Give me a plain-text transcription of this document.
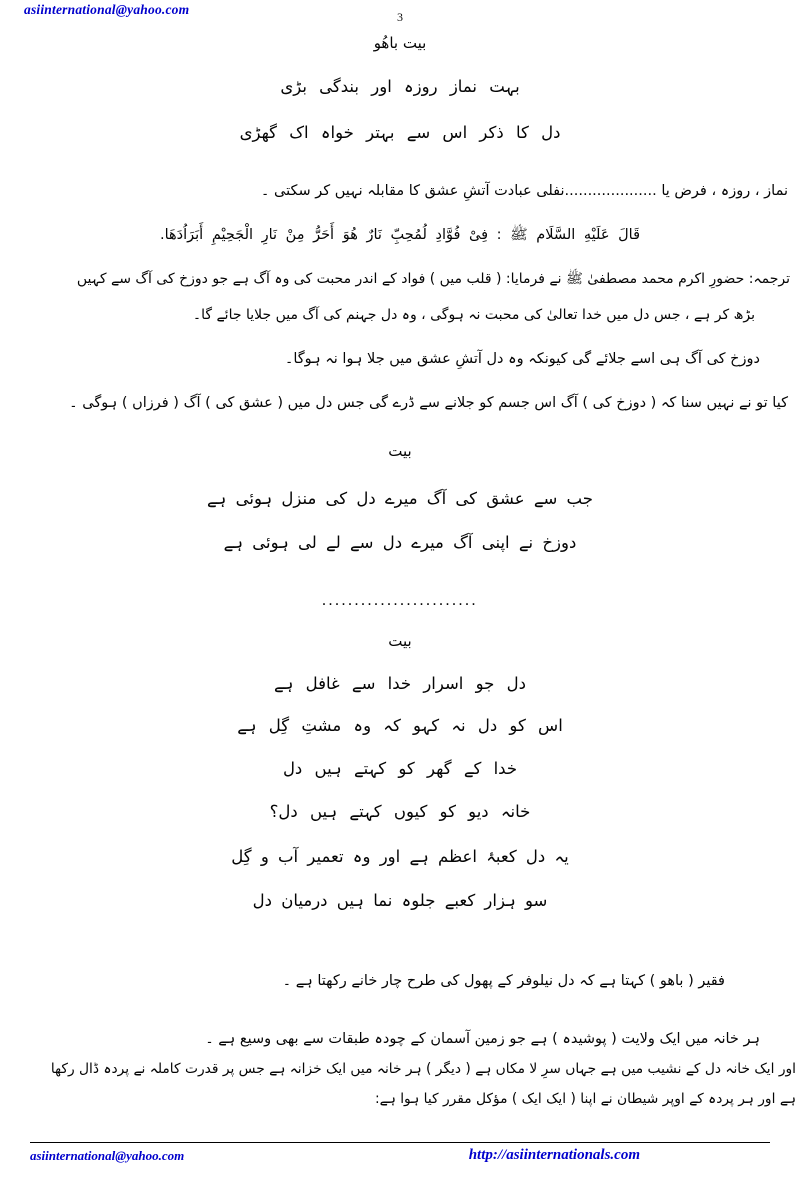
asiinternational@yahoo.com	3
بیت باھُو
بہت نماز روزہ اور بندگی بڑی
دل کا ذکر اس سے بہتر خواہ اک گھڑی
نماز ، روزہ ، فرض یا ....................نفلی عبادت آتشِ عشق کا مقابلہ نہیں کر سکتی ۔
قَالَ عَلَيْهِ السَّلَام ﷺ : فِیْ فُوَّادِ لُمُحِبِّ نَارٌ هُوَ أَحَرُّ مِنْ نَارِ الْجَحِيْمِ أَبَرَاُدَهَا.
ترجمہ: حضورِ اکرم محمد مصطفیٰ ﷺ نے فرمایا: ( قلب میں ) فواد کے اندر محبت کی وہ آگ ہے جو دوزخ کی آگ سے کہیں
بڑھ کر ہے ، جس دل میں خدا تعالیٰ کی محبت نہ ہوگی ، وہ دل جہنم کی آگ میں جلایا جائے گا۔
دوزخ کی آگ ہی اسے جلائے گی کیونکہ وہ دل آتشِ عشق میں جلا ہوا نہ ہوگا۔
کیا تو نے نہیں سنا کہ ( دوزخ کی ) آگ اس جسم کو جلانے سے ڈرے گی جس دل میں ( عشق کی ) آگ ( فرزاں ) ہوگی ۔
بیت
جب سے عشق کی آگ میرے دل کی منزل ہوئی ہے
دوزخ نے اپنی آگ میرے دل سے لے لی ہوئی ہے
........................
بیت
دل جو اسرار خدا سے غافل ہے
اس کو دل نہ کہو کہ وہ مشتِ گِل ہے
خدا کے گھر کو کہتے ہیں دل
خانہ دیو کو کیوں کہتے ہیں دل؟
یہ دل کعبۂ اعظم ہے اور وہ تعمیر آب و گِل
سو ہزار کعبے جلوہ نما ہیں درمیان دل
فقیر ( باھو ) کہتا ہے کہ دل نیلوفر کے پھول کی طرح چار خانے رکھتا ہے ۔
ہر خانہ میں ایک ولایت ( پوشیدہ ) ہے جو زمین آسمان کے چودہ طبقات سے بھی وسیع ہے ۔
اور ایک خانہ دل کے نشیب میں ہے جہاں سرِ لا مکاں ہے ( دیگر ) ہر خانہ میں ایک خزانہ ہے جس پر قدرت کاملہ نے پردہ ڈال رکھا
ہے اور ہر پردہ کے اوپر شیطان نے اپنا ( ایک ایک ) مؤکل مقرر کیا ہوا ہے:
asiinternational@yahoo.com	http://asiinternationals.com
